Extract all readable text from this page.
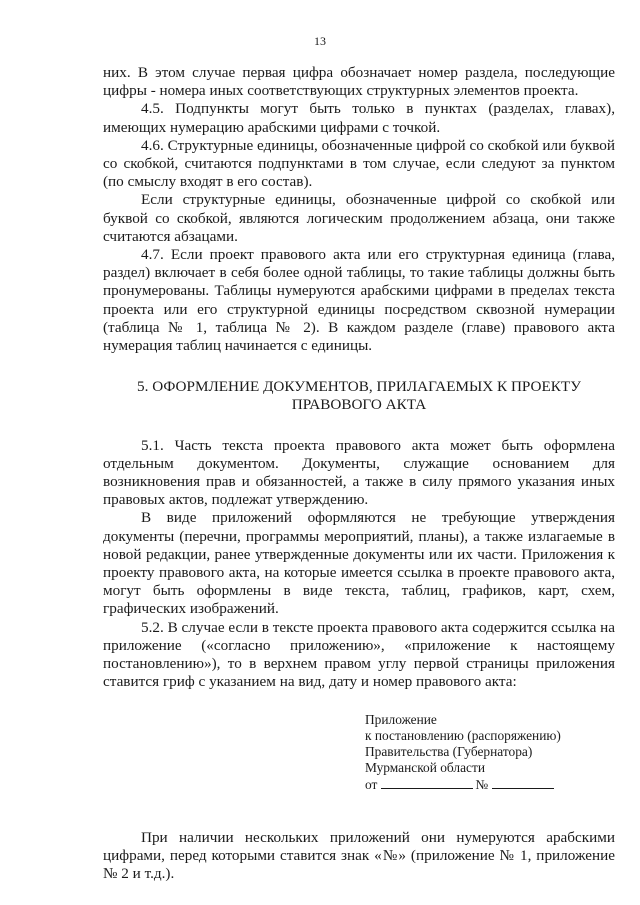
13

них. В этом случае первая цифра обозначает номер раздела, последующие цифры - номера иных соответствующих структурных элементов проекта.

4.5. Подпункты могут быть только в пунктах (разделах, главах), имеющих нумерацию арабскими цифрами с точкой.

4.6. Структурные единицы, обозначенные цифрой со скобкой или буквой со скобкой, считаются подпунктами в том случае, если следуют за пунктом (по смыслу входят в его состав).

Если структурные единицы, обозначенные цифрой со скобкой или буквой со скобкой, являются логическим продолжением абзаца, они также считаются абзацами.

4.7. Если проект правового акта или его структурная единица (глава, раздел) включает в себя более одной таблицы, то такие таблицы должны быть пронумерованы. Таблицы нумеруются арабскими цифрами в пределах текста проекта или его структурной единицы посредством сквозной нумерации (таблица № 1, таблица № 2). В каждом разделе (главе) правового акта нумерация таблиц начинается с единицы.

5. ОФОРМЛЕНИЕ ДОКУМЕНТОВ, ПРИЛАГАЕМЫХ К ПРОЕКТУ
ПРАВОВОГО АКТА

5.1. Часть текста проекта правового акта может быть оформлена отдельным документом. Документы, служащие основанием для возникновения прав и обязанностей, а также в силу прямого указания иных правовых актов, подлежат утверждению.

В виде приложений оформляются не требующие утверждения документы (перечни, программы мероприятий, планы), а также излагаемые в новой редакции, ранее утвержденные документы или их части. Приложения к проекту правового акта, на которые имеется ссылка в проекте правового акта, могут быть оформлены в виде текста, таблиц, графиков, карт, схем, графических изображений.

5.2. В случае если в тексте проекта правового акта содержится ссылка на приложение («согласно приложению», «приложение к настоящему постановлению»), то в верхнем правом углу первой страницы приложения ставится гриф с указанием на вид, дату и номер правового акта:

Приложение
к постановлению (распоряжению)
Правительства (Губернатора)
Мурманской области
от	№

При наличии нескольких приложений они нумеруются арабскими цифрами, перед которыми ставится знак «№» (приложение № 1, приложение № 2 и т.д.).
